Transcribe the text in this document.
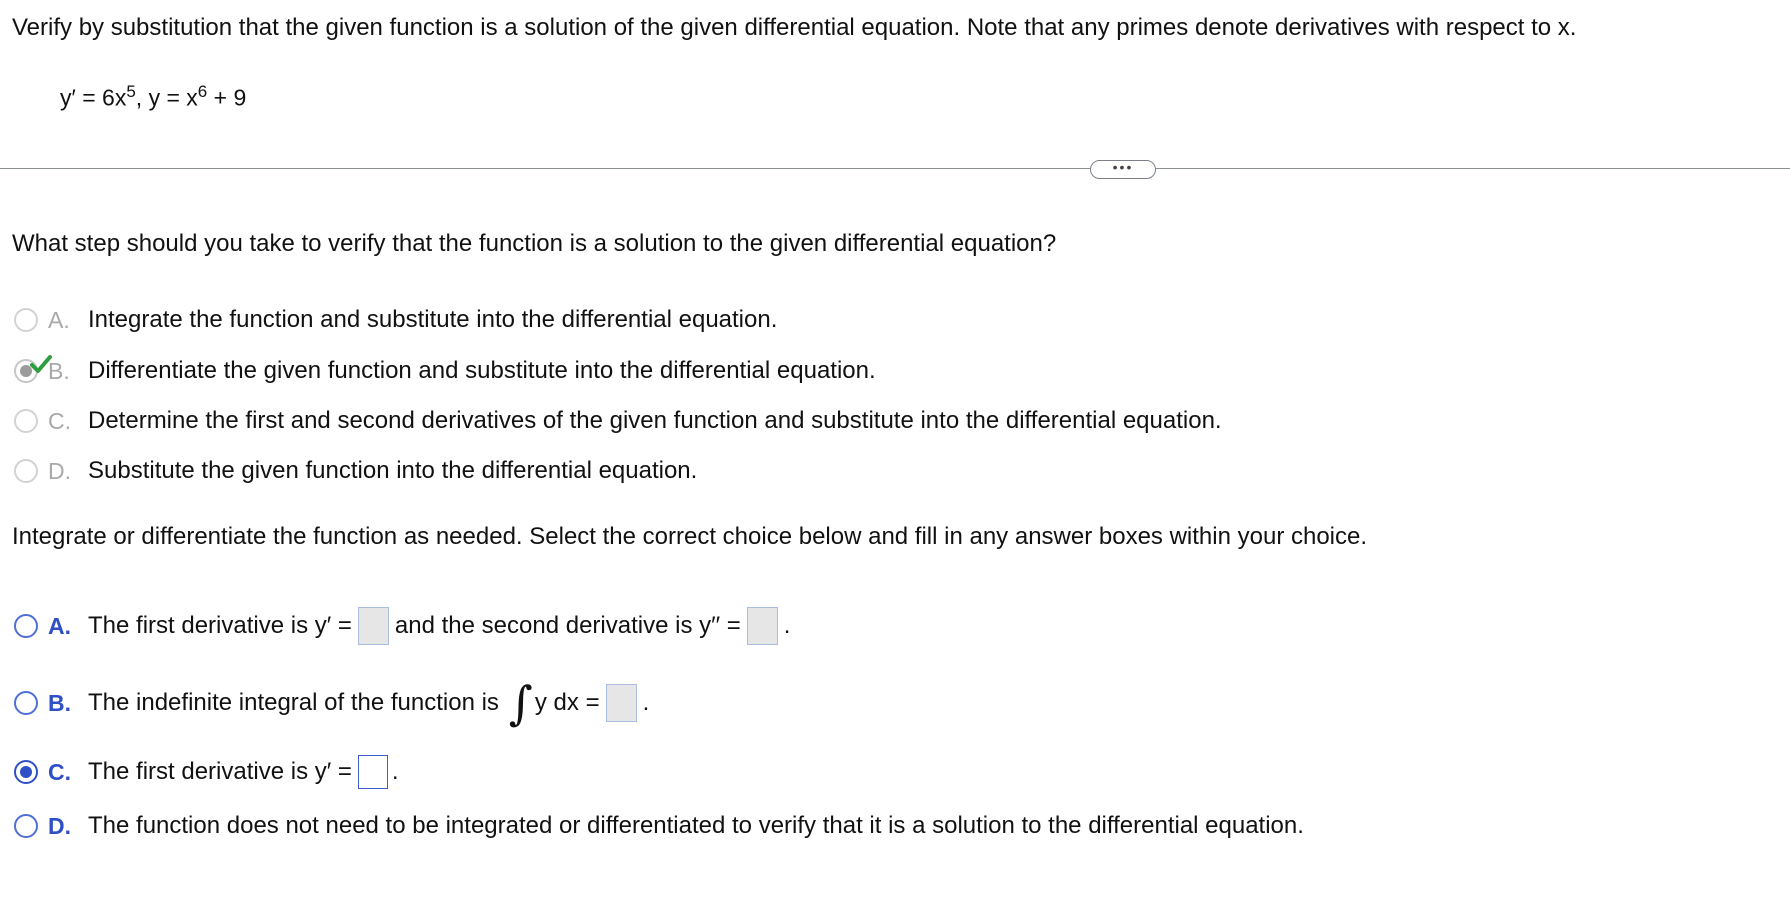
Verify by substitution that the given function is a solution of the given differential equation. Note that any primes denote derivatives with respect to x.
$y' = 6x^5$, $y = x^6 + 9$
•••
What step should you take to verify that the function is a solution to the given differential equation?
A. Integrate the function and substitute into the differential equation.
B. Differentiate the given function and substitute into the differential equation.
C. Determine the first and second derivatives of the given function and substitute into the differential equation.
D. Substitute the given function into the differential equation.
Integrate or differentiate the function as needed. Select the correct choice below and fill in any answer boxes within your choice.
A. The first derivative is y′ = and the second derivative is y′′ = .
B. The indefinite integral of the function is ∫ y dx = .
C. The first derivative is y′ = .
D. The function does not need to be integrated or differentiated to verify that it is a solution to the differential equation.
